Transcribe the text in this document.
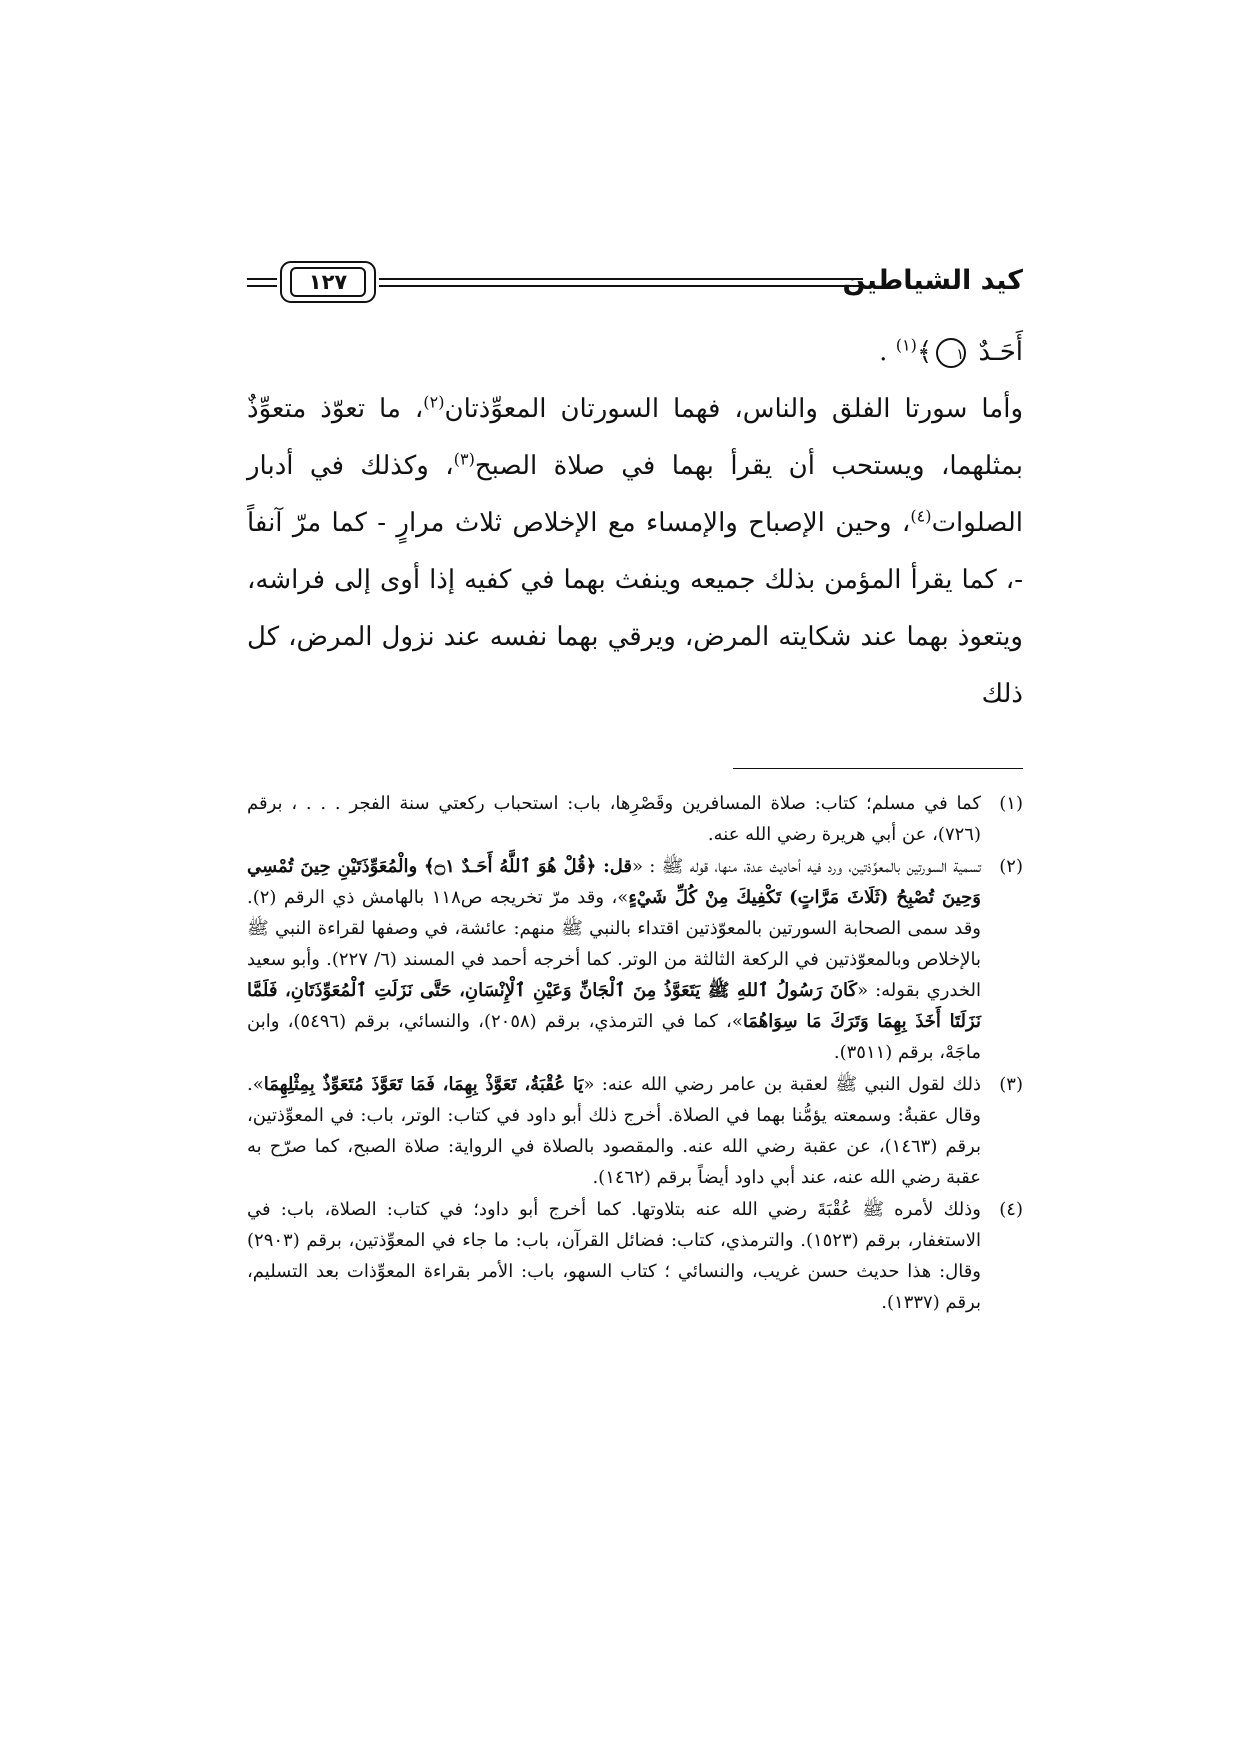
١٢٧	كيد الشياطين

أَحَـدٌ ١﴾$^{(١)}$ .

وأما سورتا الفلق والناس، فهما السورتان المعوِّذتان$^{(٢)}$، ما تعوّذ متعوِّذٌ بمثلهما، ويستحب أن يقرأ بهما في صلاة الصبح$^{(٣)}$، وكذلك في أدبار الصلوات$^{(٤)}$، وحين الإصباح والإمساء مع الإخلاص ثلاث مرارٍ - كما مرّ آنفاً -، كما يقرأ المؤمن بذلك جميعه وينفث بهما في كفيه إذا أوى إلى فراشه، ويتعوذ بهما عند شكايته المرض، ويرقي بهما نفسه عند نزول المرض، كل ذلك

(١)
كما في مسلم؛ كتاب: صلاة المسافرين وقَصْرِها، باب: استحباب ركعتي سنة الفجر . . . ، برقم (٧٢٦)، عن أبي هريرة رضي الله عنه.
(٢)
تسمية السورتين بالمعوِّذتين، ورد فيه أحاديث عدة، منها، قوله ﷺ : «قل: ﴿قُلْ هُوَ ٱللَّهُ أَحَـدٌ ۝١﴾ والْمُعَوِّذَتَيْنِ حِينَ تُمْسِي وَحِينَ تُصْبِحُ (ثَلَاثَ مَرَّاتٍ) تَكْفِيكَ مِنْ كُلِّ شَيْءٍ»، وقد مرّ تخريجه ص١١٨ بالهامش ذي الرقم (٢). وقد سمى الصحابة السورتين بالمعوّذتين اقتداء بالنبي ﷺ منهم: عائشة، في وصفها لقراءة النبي ﷺ بالإخلاص وبالمعوّذتين في الركعة الثالثة من الوتر. كما أخرجه أحمد في المسند (٦/ ٢٢٧). وأبو سعيد الخدري بقوله: «كَانَ رَسُولُ ٱللهِ ﷺ يَتَعَوَّذُ مِنَ ٱلْجَانِّ وَعَيْنِ ٱلْإِنْسَانِ، حَتَّى نَزَلَتِ ٱلْمُعَوِّذَتَانِ، فَلَمَّا نَزَلَتَا أَخَذَ بِهِمَا وَتَرَكَ مَا سِوَاهُمَا»، كما في الترمذي، برقم (٢٠٥٨)، والنسائي، برقم (٥٤٩٦)، وابن ماجَهْ، برقم (٣٥١١).
(٣)
ذلك لقول النبي ﷺ لعقبة بن عامر رضي الله عنه: «يَا عُقْبَةُ، تَعَوَّذْ بِهِمَا، فَمَا تَعَوَّذَ مُتَعَوِّذٌ بِمِثْلِهِمَا». وقال عقبةُ: وسمعته يؤمُّنا بهما في الصلاة. أخرج ذلك أبو داود في كتاب: الوتر، باب: في المعوِّذتين، برقم (١٤٦٣)، عن عقبة رضي الله عنه. والمقصود بالصلاة في الرواية: صلاة الصبح، كما صرّح به عقبة رضي الله عنه، عند أبي داود أيضاً برقم (١٤٦٢).
(٤)
وذلك لأمره ﷺ عُقْبَةَ رضي الله عنه بتلاوتها. كما أخرج أبو داود؛ في كتاب: الصلاة، باب: في الاستغفار، برقم (١٥٢٣). والترمذي، كتاب: فضائل القرآن، باب: ما جاء في المعوِّذتين، برقم (٢٩٠٣) وقال: هذا حديث حسن غريب، والنسائي ؛ كتاب السهو، باب: الأمر بقراءة المعوِّذات بعد التسليم، برقم (١٣٣٧).
